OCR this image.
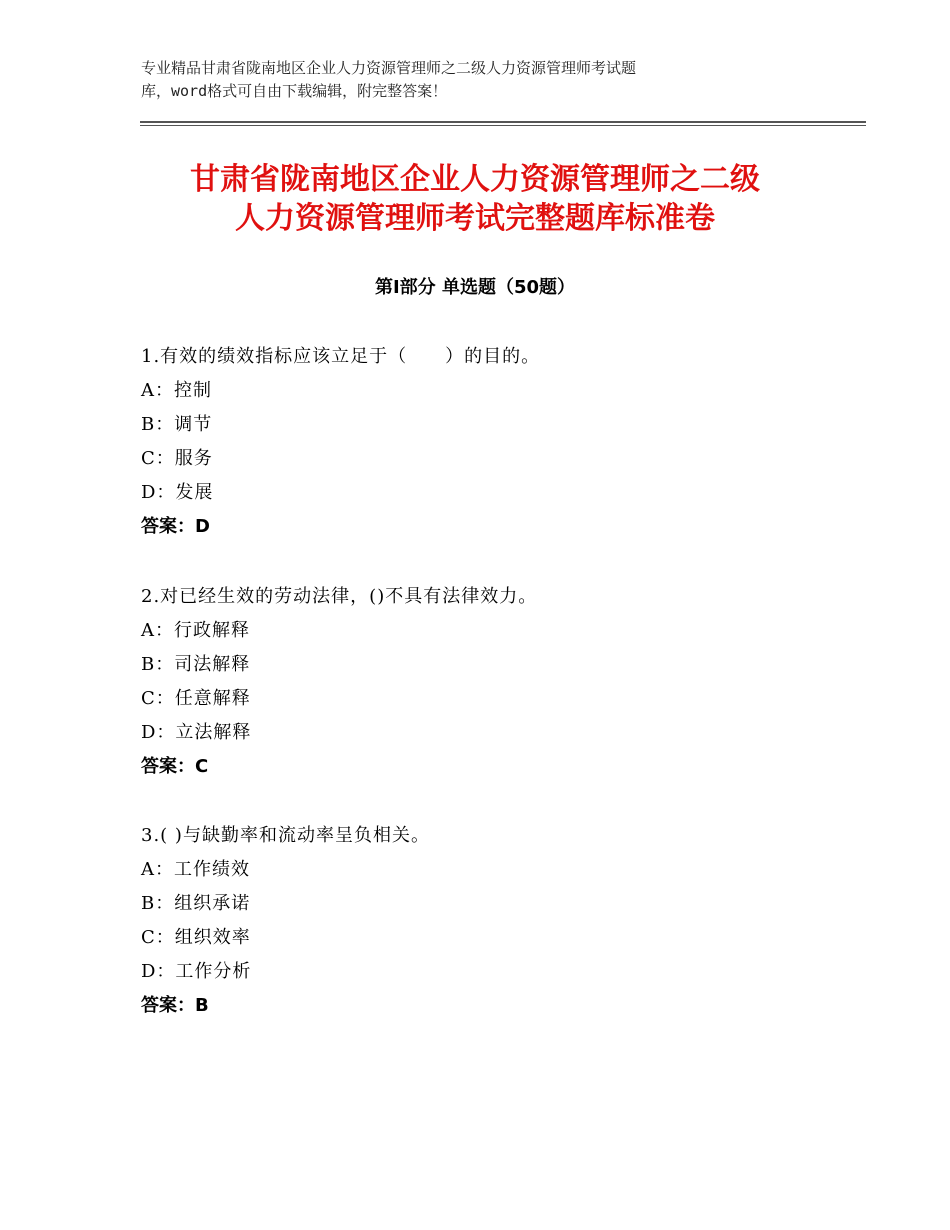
专业精品甘肃省陇南地区企业人力资源管理师之二级人力资源管理师考试题
库，word格式可自由下载编辑，附完整答案！
甘肃省陇南地区企业人力资源管理师之二级
人力资源管理师考试完整题库标准卷
第Ⅰ部分 单选题（50题）
1.有效的绩效指标应该立足于（　　）的目的。
A：控制
B：调节
C：服务
D：发展
答案：D
2.对已经生效的劳动法律，()不具有法律效力。
A：行政解释
B：司法解释
C：任意解释
D：立法解释
答案：C
3.( )与缺勤率和流动率呈负相关。
A：工作绩效
B：组织承诺
C：组织效率
D：工作分析
答案：B
